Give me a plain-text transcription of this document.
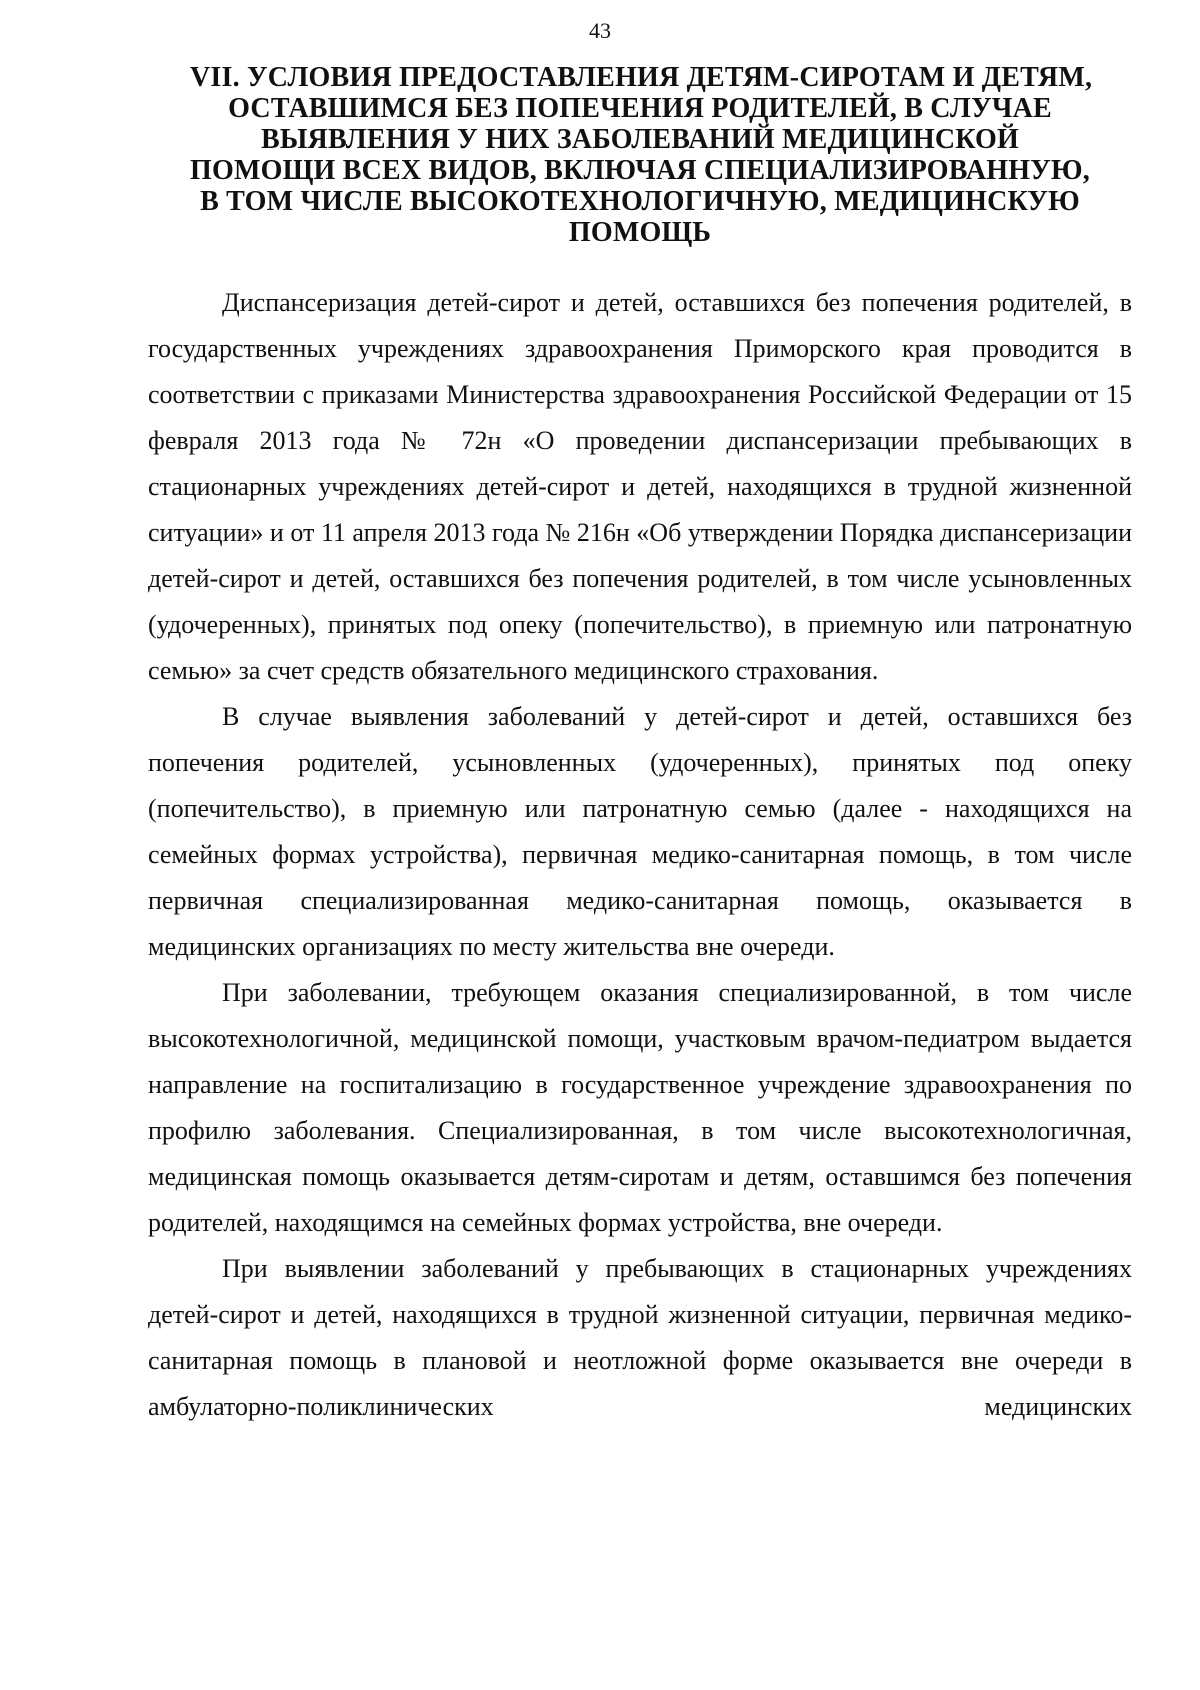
43
VII. УСЛОВИЯ ПРЕДОСТАВЛЕНИЯ ДЕТЯМ-СИРОТАМ И ДЕТЯМ,
ОСТАВШИМСЯ БЕЗ ПОПЕЧЕНИЯ РОДИТЕЛЕЙ, В СЛУЧАЕ
ВЫЯВЛЕНИЯ У НИХ ЗАБОЛЕВАНИЙ МЕДИЦИНСКОЙ
ПОМОЩИ ВСЕХ ВИДОВ, ВКЛЮЧАЯ СПЕЦИАЛИЗИРОВАННУЮ,
В ТОМ ЧИСЛЕ ВЫСОКОТЕХНОЛОГИЧНУЮ, МЕДИЦИНСКУЮ
ПОМОЩЬ

Диспансеризация детей-сирот и детей, оставшихся без попечения родителей, в государственных учреждениях здравоохранения Приморского края проводится в соответствии с приказами Министерства здравоохранения Российской Федерации от 15 февраля 2013 года № 72н «О проведении диспансеризации пребывающих в стационарных учреждениях детей-сирот и детей, находящихся в трудной жизненной ситуации» и от 11 апреля 2013 года № 216н «Об утверждении Порядка диспансеризации детей-сирот и детей, оставшихся без попечения родителей, в том числе усыновленных (удочеренных), принятых под опеку (попечительство), в приемную или патронатную семью» за счет средств обязательного медицинского страхования.

В случае выявления заболеваний у детей-сирот и детей, оставшихся без попечения родителей, усыновленных (удочеренных), принятых под опеку (попечительство), в приемную или патронатную семью (далее - находящихся на семейных формах устройства), первичная медико-санитарная помощь, в том числе первичная специализированная медико-санитарная помощь, оказывается в медицинских организациях по месту жительства вне очереди.

При заболевании, требующем оказания специализированной, в том числе высокотехнологичной, медицинской помощи, участковым врачом-педиатром выдается направление на госпитализацию в государственное учреждение здравоохранения по профилю заболевания. Специализированная, в том числе высокотехнологичная, медицинская помощь оказывается детям-сиротам и детям, оставшимся без попечения родителей, находящимся на семейных формах устройства, вне очереди.

При выявлении заболеваний у пребывающих в стационарных учреждениях детей-сирот и детей, находящихся в трудной жизненной ситуации, первичная медико-санитарная помощь в плановой и неотложной форме оказывается вне очереди в амбулаторно-поликлинических медицинских
